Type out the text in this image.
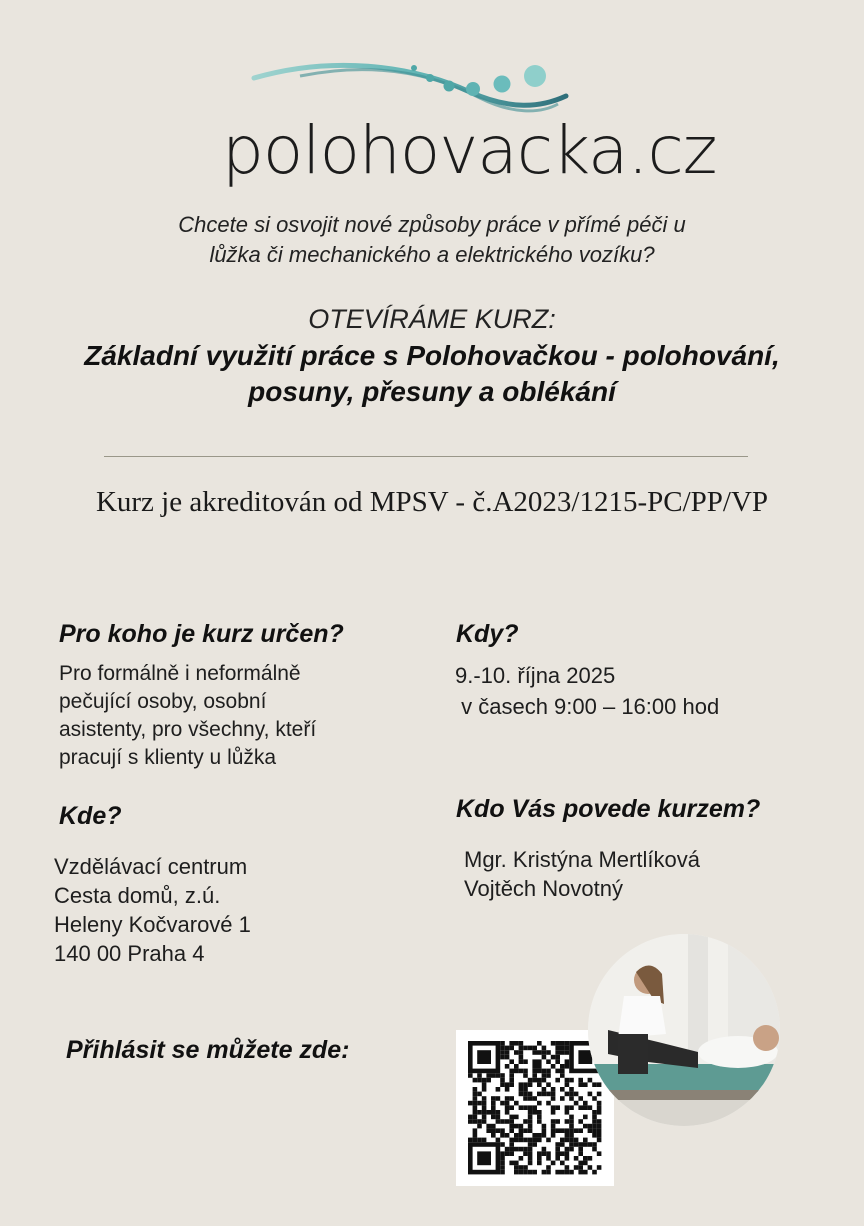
polohovacka.cz
Chcete si osvojit nové způsoby práce v přímé péči u
lůžka či mechanického a elektrického vozíku?
OTEVÍRÁME KURZ:
Základní využití práce s Polohovačkou - polohování,
posuny, přesuny a oblékání
Kurz je akreditován od MPSV - č.A2023/1215-PC/PP/VP
Pro koho je kurz určen?
Pro formálně i neformálně
pečující osoby, osobní
asistenty, pro všechny, kteří
pracují s klienty u lůžka
Kdy?
9.-10. října 2025
v časech 9:00 – 16:00 hod
Kde?
Vzdělávací centrum
Cesta domů, z.ú.
Heleny Kočvarové 1
140 00 Praha 4
Kdo Vás povede kurzem?
Mgr. Kristýna Mertlíková
Vojtěch Novotný
Přihlásit se můžete zde:
